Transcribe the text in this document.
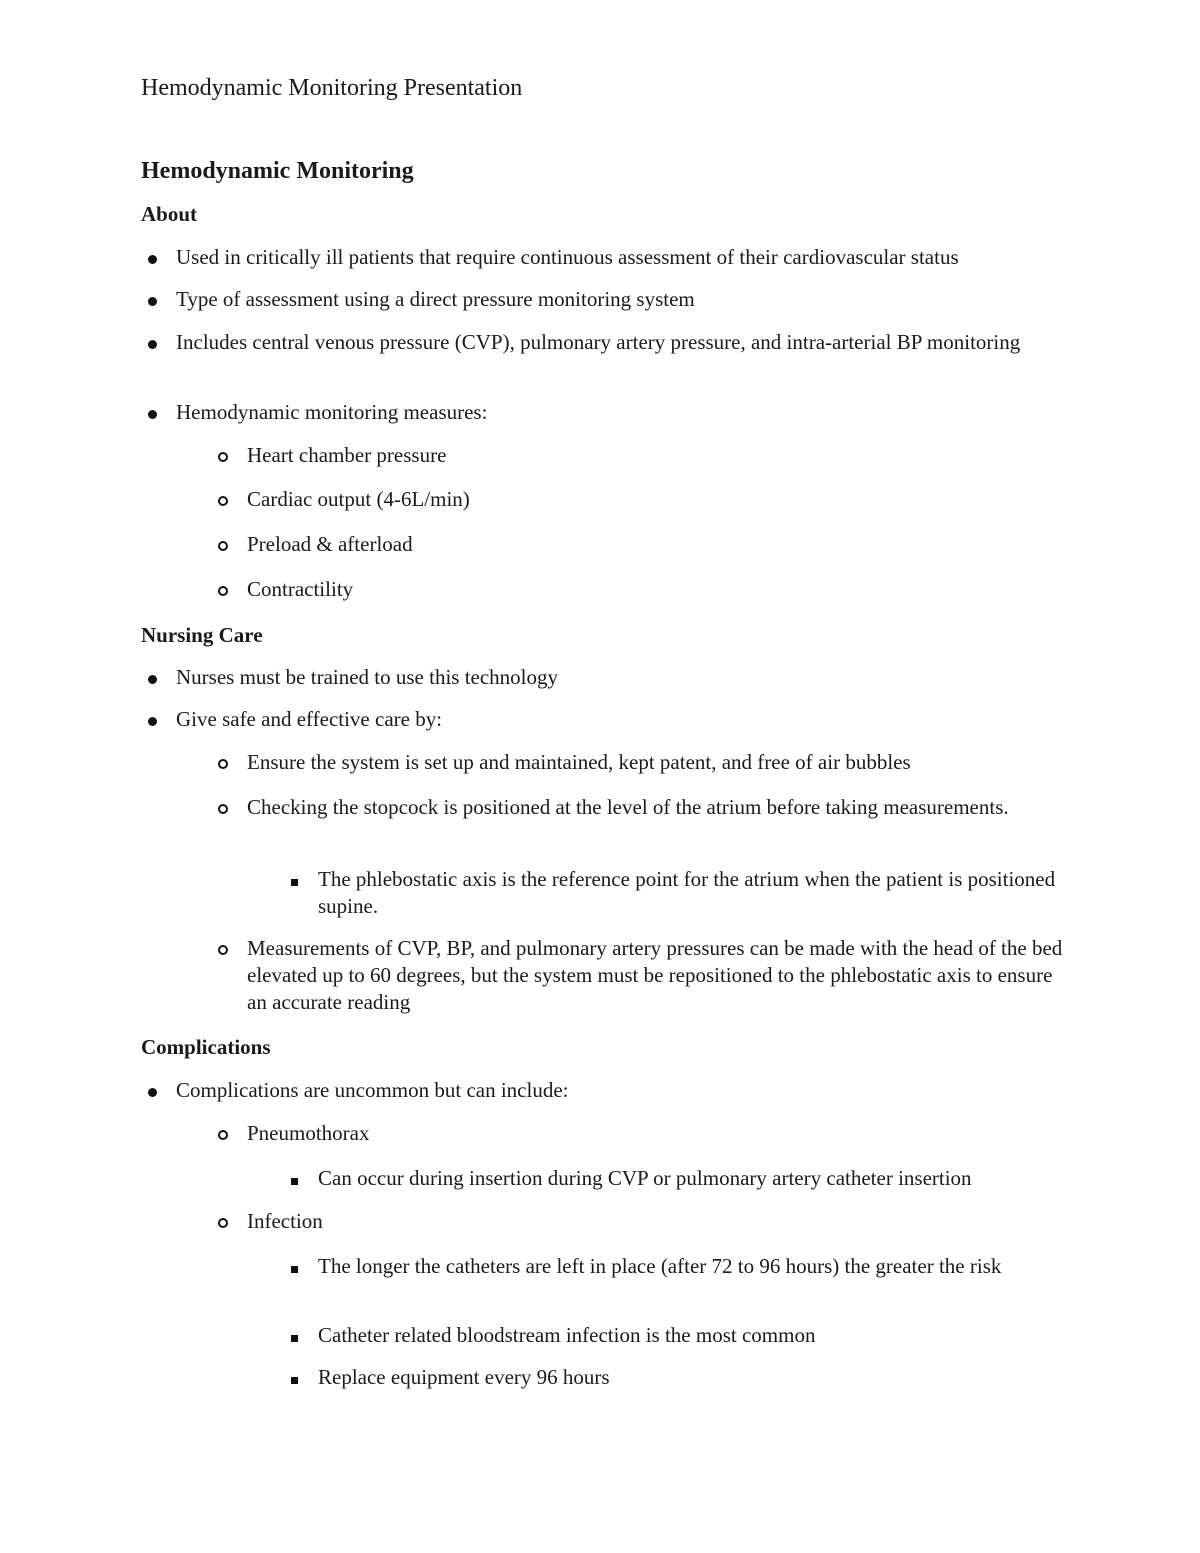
Hemodynamic Monitoring Presentation

Hemodynamic Monitoring

About

Used in critically ill patients that require continuous assessment of their cardiovascular status
Type of assessment using a direct pressure monitoring system
Includes central venous pressure (CVP), pulmonary artery pressure, and intra-arterial BP monitoring
Hemodynamic monitoring measures:
Heart chamber pressure
Cardiac output (4-6L/min)
Preload & afterload
Contractility

Nursing Care

Nurses must be trained to use this technology
Give safe and effective care by:
Ensure the system is set up and maintained, kept patent, and free of air bubbles
Checking the stopcock is positioned at the level of the atrium before taking measurements.
The phlebostatic axis is the reference point for the atrium when the patient is positioned supine.
Measurements of CVP, BP, and pulmonary artery pressures can be made with the head of the bed elevated up to 60 degrees, but the system must be repositioned to the phlebostatic axis to ensure an accurate reading

Complications

Complications are uncommon but can include:
Pneumothorax
Can occur during insertion during CVP or pulmonary artery catheter insertion
Infection
The longer the catheters are left in place (after 72 to 96 hours) the greater the risk
Catheter related bloodstream infection is the most common
Replace equipment every 96 hours
